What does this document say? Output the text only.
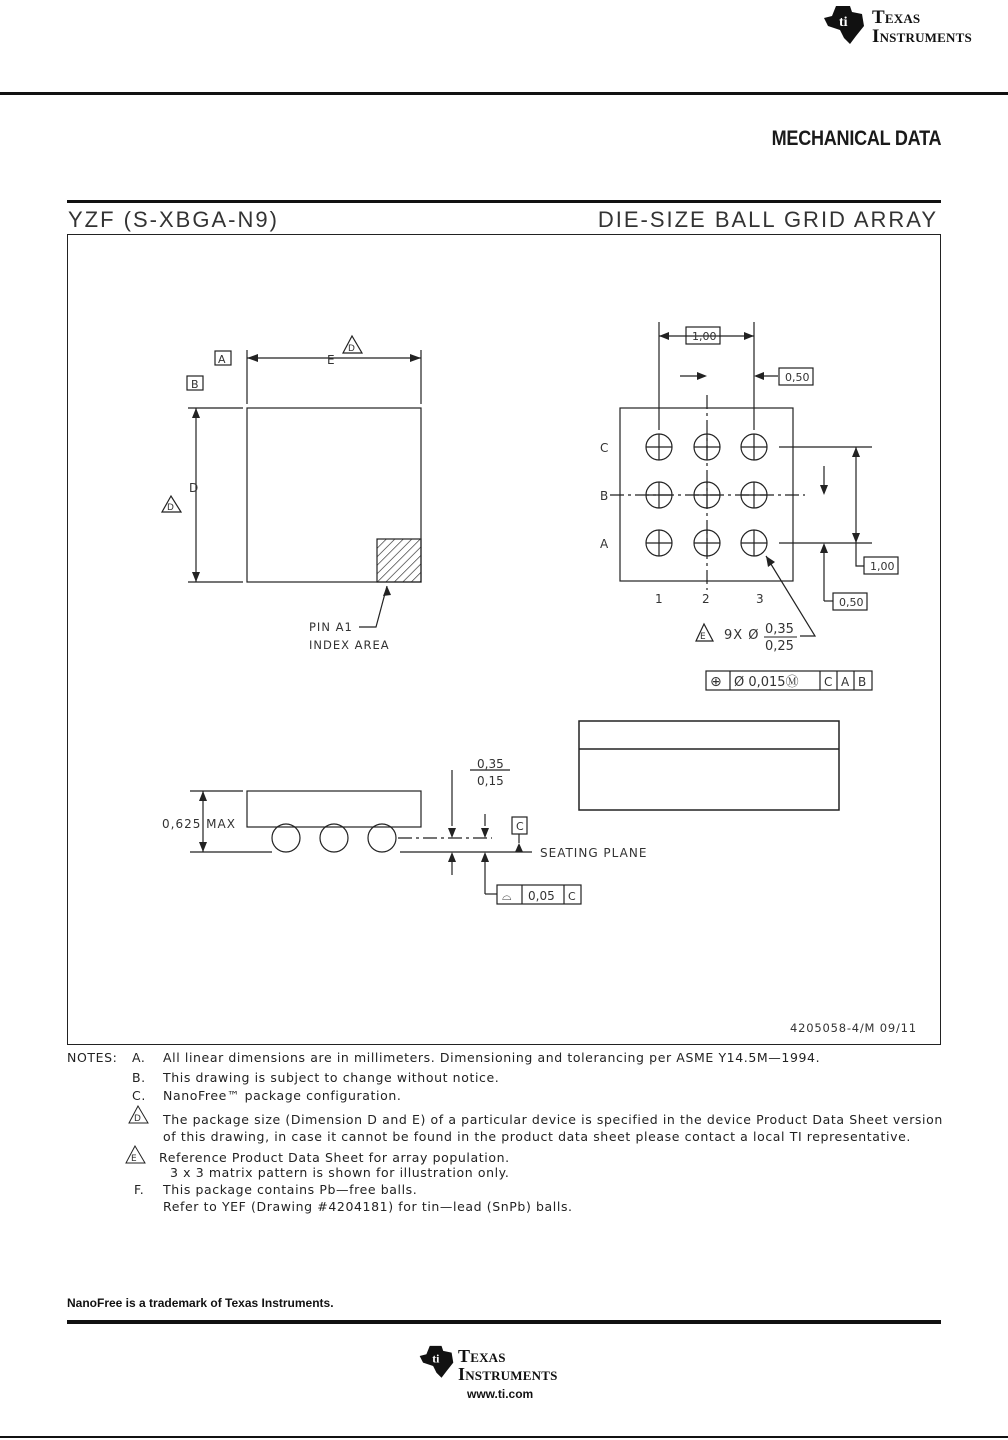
ti Texas
Instruments
MECHANICAL DATA
YZF (S-XBGA-N9)	DIE-SIZE BALL GRID ARRAY
A
B
D
D
E
D
PIN A1
INDEX AREA
1,00
0,50
1,00
0,50
C
B
A
1	2	3
E 9X Ø 0,35
0,25
⊕ Ø 0,015Ⓜ C A B
0,625 MAX
0,35
0,15
C
SEATING PLANE
⌓ 0,05 C
4205058-4/M 09/11
D
E
NOTES: A. All linear dimensions are in millimeters. Dimensioning and tolerancing per ASME Y14.5M—1994.
B. This drawing is subject to change without notice.
C. NanoFree™ package configuration.
The package size (Dimension D and E) of a particular device is specified in the device Product Data Sheet version
of this drawing, in case it cannot be found in the product data sheet please contact a local TI representative.
Reference Product Data Sheet for array population.
3 x 3 matrix pattern is shown for illustration only.
F. This package contains Pb—free balls.
Refer to YEF (Drawing #4204181) for tin—lead (SnPb) balls.
NanoFree is a trademark of Texas Instruments.
ti Texas
Instruments
www.ti.com
